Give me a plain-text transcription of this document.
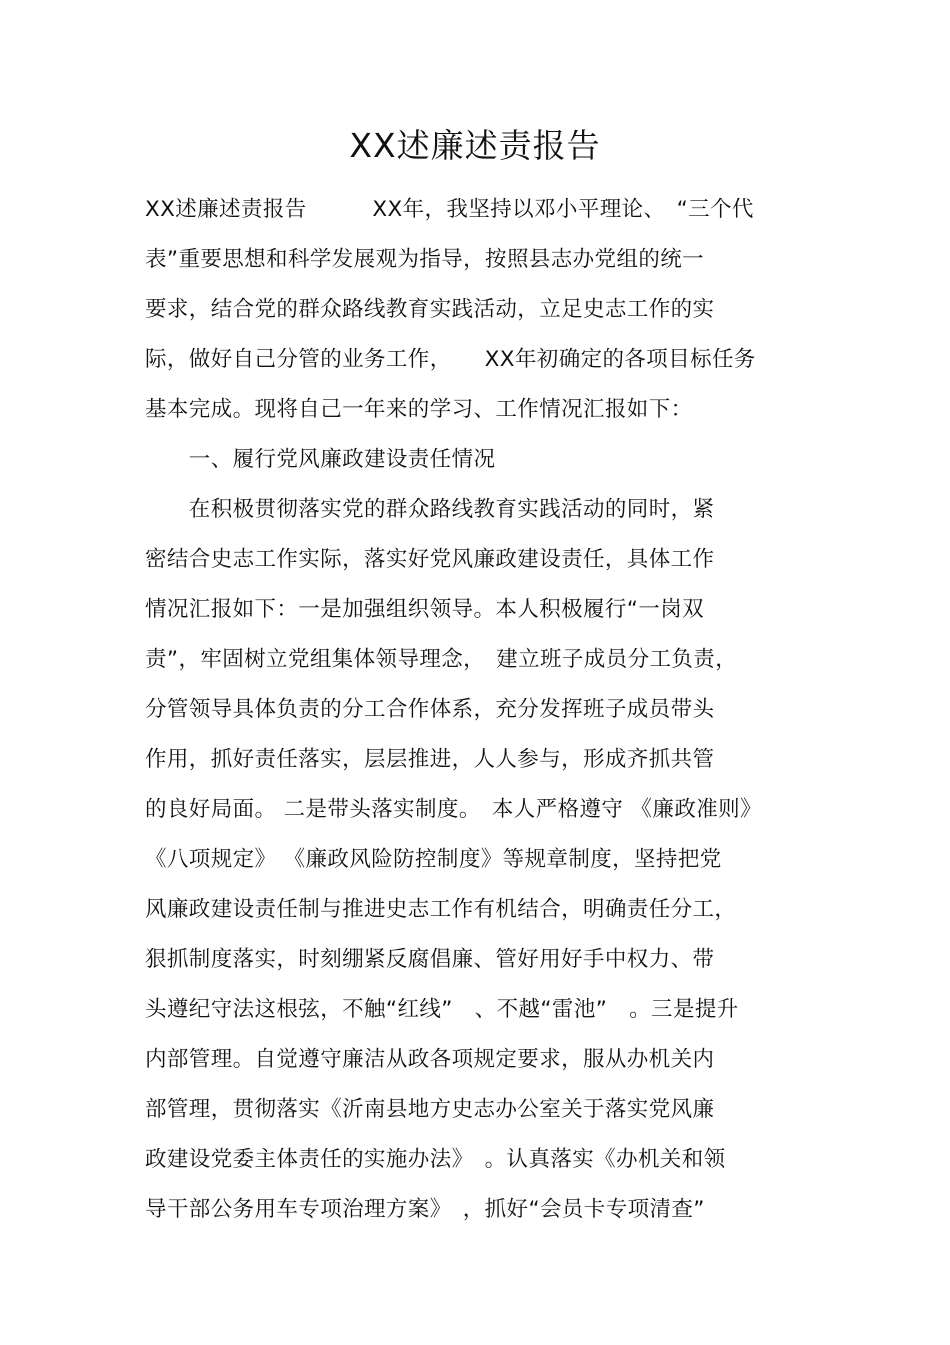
XX述廉述责报告
XX述廉述责报告　　　XX年，我坚持以邓小平理论、　“三个代
表”重要思想和科学发展观为指导，按照县志办党组的统一
要求，结合党的群众路线教育实践活动，立足史志工作的实
际，做好自己分管的业务工作，　　XX年初确定的各项目标任务
基本完成。现将自己一年来的学习、工作情况汇报如下：
　　一、履行党风廉政建设责任情况
　　在积极贯彻落实党的群众路线教育实践活动的同时，紧
密结合史志工作实际，落实好党风廉政建设责任，具体工作
情况汇报如下：一是加强组织领导。本人积极履行“一岗双
责”，牢固树立党组集体领导理念，　建立班子成员分工负责，
分管领导具体负责的分工合作体系，充分发挥班子成员带头
作用，抓好责任落实，层层推进，人人参与，形成齐抓共管
的良好局面。 二是带头落实制度。　本人严格遵守 《廉政准则》
《八项规定》 《廉政风险防控制度》等规章制度，坚持把党
风廉政建设责任制与推进史志工作有机结合，明确责任分工，
狠抓制度落实，时刻绷紧反腐倡廉、管好用好手中权力、带
头遵纪守法这根弦，不触“红线”　、不越“雷池”　。三是提升
内部管理。自觉遵守廉洁从政各项规定要求，服从办机关内
部管理，贯彻落实《沂南县地方史志办公室关于落实党风廉
政建设党委主体责任的实施办法》　。认真落实《办机关和领
导干部公务用车专项治理方案》　，抓好“会员卡专项清查”
